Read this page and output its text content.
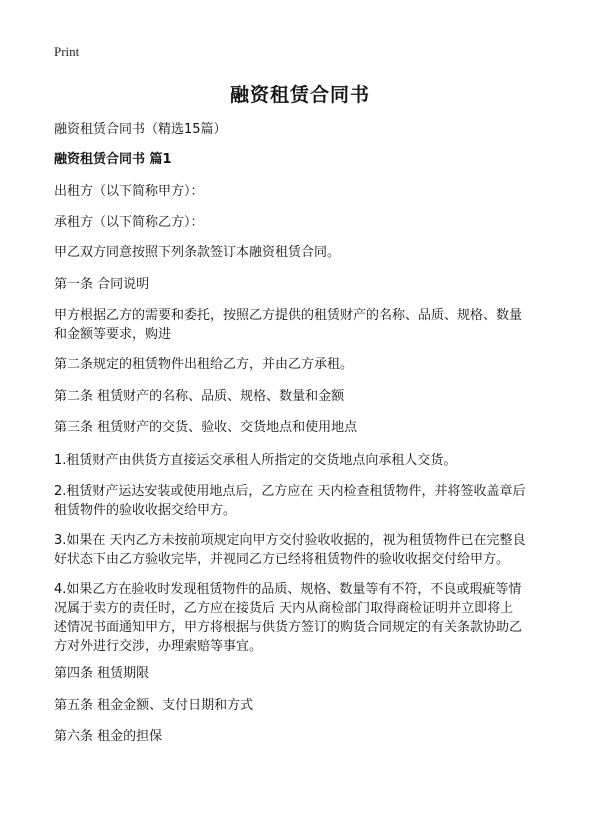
Print
融资租赁合同书
融资租赁合同书（精选15篇）
融资租赁合同书 篇1
出租方（以下简称甲方）：
承租方（以下简称乙方）：
甲乙双方同意按照下列条款签订本融资租赁合同。
第一条 合同说明
甲方根据乙方的需要和委托，按照乙方提供的租赁财产的名称、品质、规格、数量
和金额等要求，购进
第二条规定的租赁物件出租给乙方，并由乙方承租。
第二条 租赁财产的名称、品质、规格、数量和金额
第三条 租赁财产的交货、验收、交货地点和使用地点
1.租赁财产由供货方直接运交承租人所指定的交货地点向承租人交货。
2.租赁财产运达安装或使用地点后，乙方应在 天内检查租赁物件，并将签收盖章后
租赁物件的验收收据交给甲方。
3.如果在 天内乙方未按前项规定向甲方交付验收收据的，视为租赁物件已在完整良
好状态下由乙方验收完毕，并视同乙方已经将租赁物件的验收收据交付给甲方。
4.如果乙方在验收时发现租赁物件的品质、规格、数量等有不符，不良或瑕疵等情
况属于卖方的责任时，乙方应在接货后 天内从商检部门取得商检证明并立即将上
述情况书面通知甲方，甲方将根据与供货方签订的购货合同规定的有关条款协助乙
方对外进行交涉，办理索赔等事宜。
第四条 租赁期限
第五条 租金金额、支付日期和方式
第六条 租金的担保
